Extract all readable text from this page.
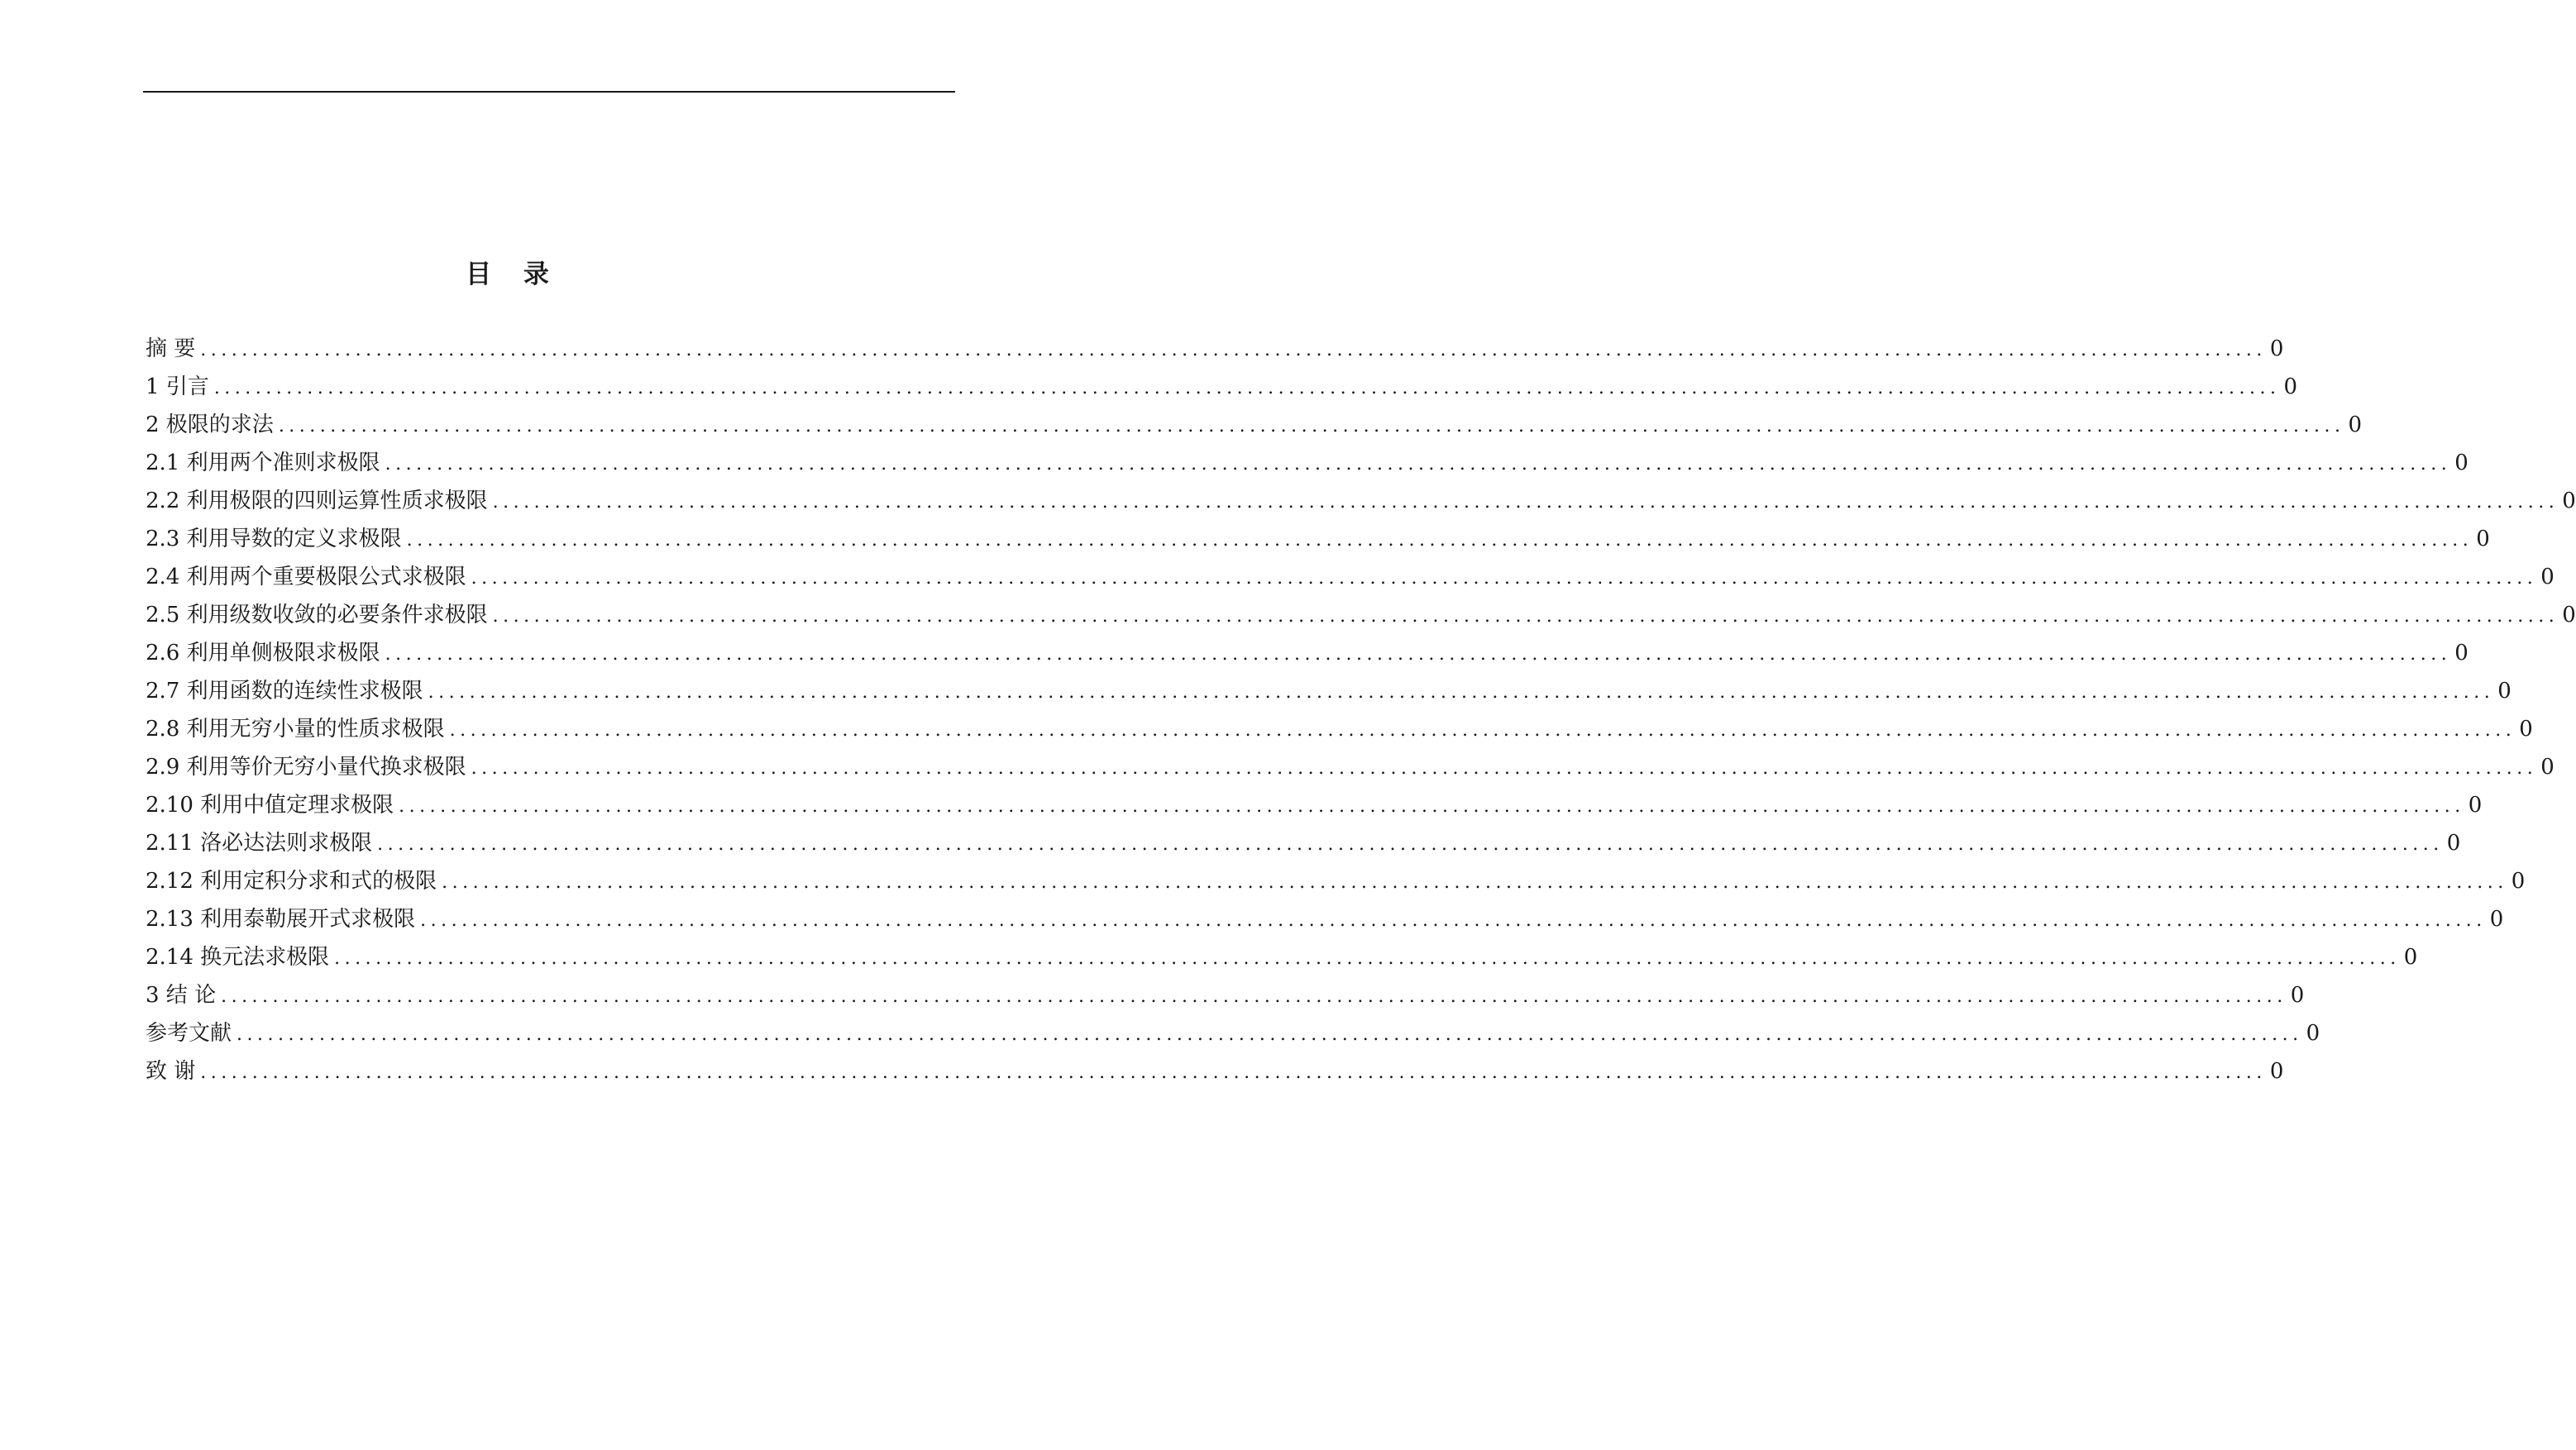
目 录
摘 要 ........................................................................................................................................................................................................ 0
1 引言 ........................................................................................................................................................................................................ 0
2 极限的求法 ........................................................................................................................................................................................................ 0
2.1 利用两个准则求极限 ........................................................................................................................................................................................................ 0
2.2 利用极限的四则运算性质求极限 ........................................................................................................................................................................................................ 0
2.3 利用导数的定义求极限 ........................................................................................................................................................................................................ 0
2.4 利用两个重要极限公式求极限 ........................................................................................................................................................................................................ 0
2.5 利用级数收敛的必要条件求极限 ........................................................................................................................................................................................................ 0
2.6 利用单侧极限求极限 ........................................................................................................................................................................................................ 0
2.7 利用函数的连续性求极限 ........................................................................................................................................................................................................ 0
2.8 利用无穷小量的性质求极限 ........................................................................................................................................................................................................ 0
2.9 利用等价无穷小量代换求极限 ........................................................................................................................................................................................................ 0
2.10 利用中值定理求极限 ........................................................................................................................................................................................................ 0
2.11 洛必达法则求极限 ........................................................................................................................................................................................................ 0
2.12 利用定积分求和式的极限 ........................................................................................................................................................................................................ 0
2.13 利用泰勒展开式求极限 ........................................................................................................................................................................................................ 0
2.14 换元法求极限 ........................................................................................................................................................................................................ 0
3 结 论 ........................................................................................................................................................................................................ 0
参考文献 ........................................................................................................................................................................................................ 0
致 谢 ........................................................................................................................................................................................................ 0
